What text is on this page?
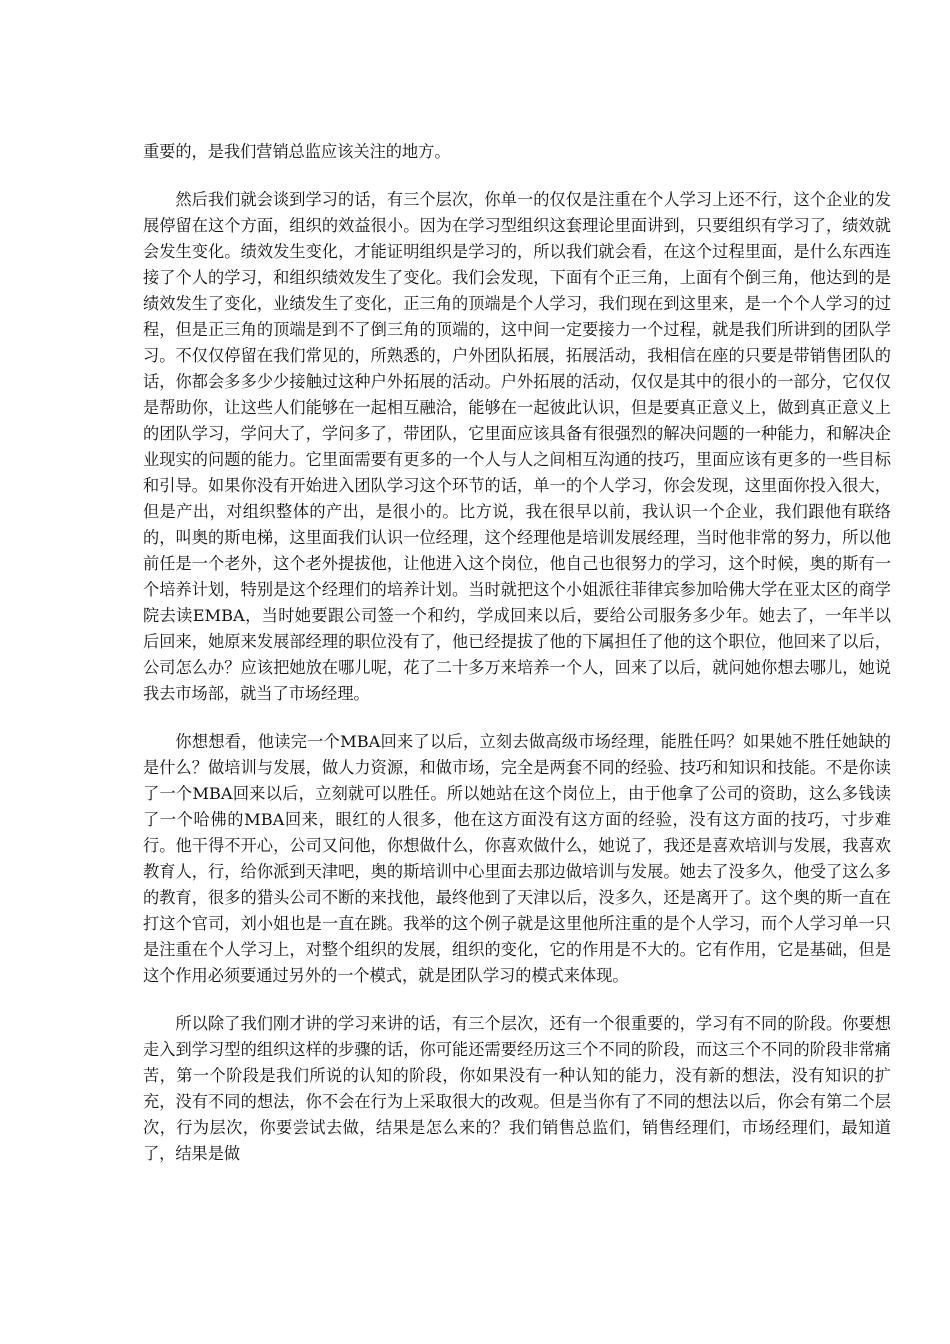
重要的，是我们营销总监应该关注的地方。

然后我们就会谈到学习的话，有三个层次，你单一的仅仅是注重在个人学习上还不行，这个企业的发展停留在这个方面，组织的效益很小。因为在学习型组织这套理论里面讲到，只要组织有学习了，绩效就会发生变化。绩效发生变化，才能证明组织是学习的，所以我们就会看，在这个过程里面，是什么东西连接了个人的学习，和组织绩效发生了变化。我们会发现，下面有个正三角，上面有个倒三角，他达到的是绩效发生了变化，业绩发生了变化，正三角的顶端是个人学习，我们现在到这里来，是一个个人学习的过程，但是正三角的顶端是到不了倒三角的顶端的，这中间一定要接力一个过程，就是我们所讲到的团队学习。不仅仅停留在我们常见的，所熟悉的，户外团队拓展，拓展活动，我相信在座的只要是带销售团队的话，你都会多多少少接触过这种户外拓展的活动。户外拓展的活动，仅仅是其中的很小的一部分，它仅仅是帮助你，让这些人们能够在一起相互融洽，能够在一起彼此认识，但是要真正意义上，做到真正意义上的团队学习，学问大了，学问多了，带团队，它里面应该具备有很强烈的解决问题的一种能力，和解决企业现实的问题的能力。它里面需要有更多的一个人与人之间相互沟通的技巧，里面应该有更多的一些目标和引导。如果你没有开始进入团队学习这个环节的话，单一的个人学习，你会发现，这里面你投入很大，但是产出，对组织整体的产出，是很小的。比方说，我在很早以前，我认识一个企业，我们跟他有联络的，叫奥的斯电梯，这里面我们认识一位经理，这个经理他是培训发展经理，当时他非常的努力，所以他前任是一个老外，这个老外提拔他，让他进入这个岗位，他自己也很努力的学习，这个时候，奥的斯有一个培养计划，特别是这个经理们的培养计划。当时就把这个小姐派往菲律宾参加哈佛大学在亚太区的商学院去读EMBA，当时她要跟公司签一个和约，学成回来以后，要给公司服务多少年。她去了，一年半以后回来，她原来发展部经理的职位没有了，他已经提拔了他的下属担任了他的这个职位，他回来了以后，公司怎么办？应该把她放在哪儿呢，花了二十多万来培养一个人，回来了以后，就问她你想去哪儿，她说我去市场部，就当了市场经理。

你想想看，他读完一个MBA回来了以后，立刻去做高级市场经理，能胜任吗？如果她不胜任她缺的是什么？做培训与发展，做人力资源，和做市场，完全是两套不同的经验、技巧和知识和技能。不是你读了一个MBA回来以后，立刻就可以胜任。所以她站在这个岗位上，由于他拿了公司的资助，这么多钱读了一个哈佛的MBA回来，眼红的人很多，他在这方面没有这方面的经验，没有这方面的技巧，寸步难行。他干得不开心，公司又问他，你想做什么，你喜欢做什么，她说了，我还是喜欢培训与发展，我喜欢教育人，行，给你派到天津吧，奥的斯培训中心里面去那边做培训与发展。她去了没多久，他受了这么多的教育，很多的猎头公司不断的来找他，最终他到了天津以后，没多久，还是离开了。这个奥的斯一直在打这个官司，刘小姐也是一直在跳。我举的这个例子就是这里他所注重的是个人学习，而个人学习单一只是注重在个人学习上，对整个组织的发展，组织的变化，它的作用是不大的。它有作用，它是基础，但是这个作用必须要通过另外的一个模式，就是团队学习的模式来体现。

所以除了我们刚才讲的学习来讲的话，有三个层次，还有一个很重要的，学习有不同的阶段。你要想走入到学习型的组织这样的步骤的话，你可能还需要经历这三个不同的阶段，而这三个不同的阶段非常痛苦，第一个阶段是我们所说的认知的阶段，你如果没有一种认知的能力，没有新的想法，没有知识的扩充，没有不同的想法，你不会在行为上采取很大的改观。但是当你有了不同的想法以后，你会有第二个层次，行为层次，你要尝试去做，结果是怎么来的？我们销售总监们，销售经理们，市场经理们，最知道了，结果是做
